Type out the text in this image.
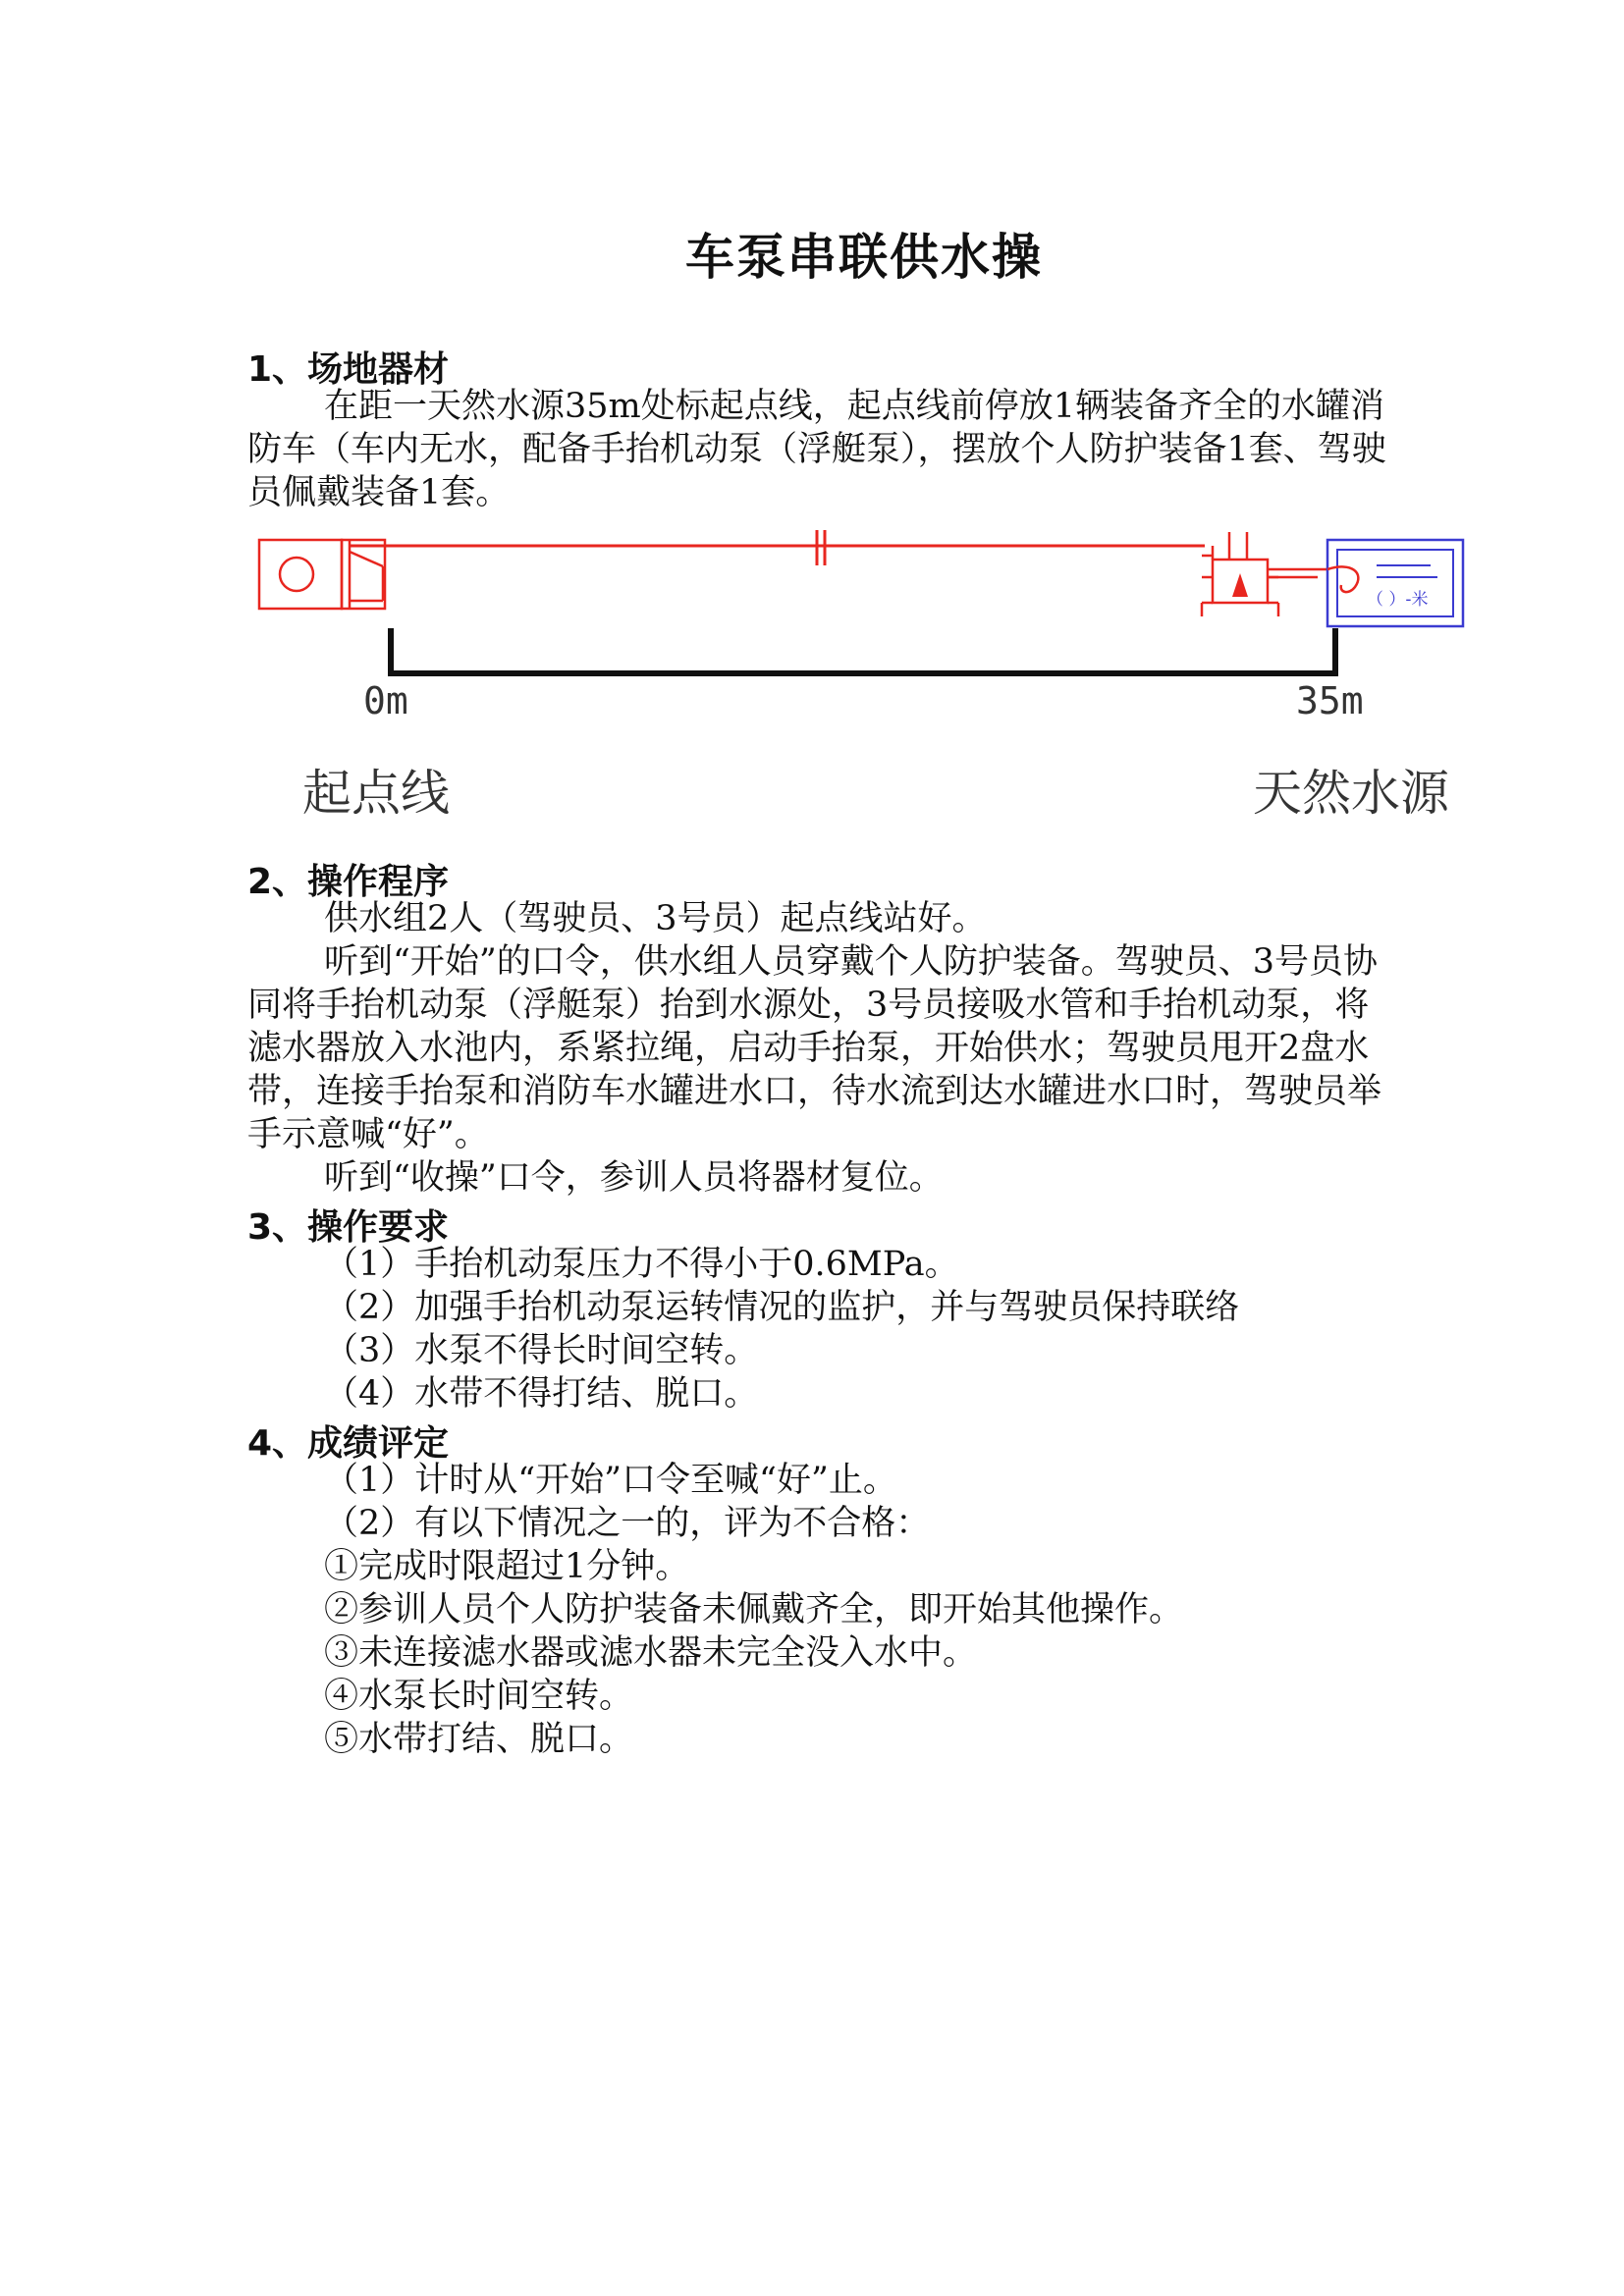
车泵串联供水操
1、场地器材
在距一天然水源35m处标起点线，起点线前停放1辆装备齐全的水罐消防车（车内无水，配备手抬机动泵（浮艇泵），摆放个人防护装备1套、驾驶员佩戴装备1套。
（ ）-米
0m	35m
起点线	天然水源
2、操作程序
供水组2人（驾驶员、3号员）起点线站好。
听到“开始”的口令，供水组人员穿戴个人防护装备。驾驶员、3号员协同将手抬机动泵（浮艇泵）抬到水源处，3号员接吸水管和手抬机动泵，将滤水器放入水池内，系紧拉绳，启动手抬泵，开始供水；驾驶员甩开2盘水带，连接手抬泵和消防车水罐进水口，待水流到达水罐进水口时，驾驶员举手示意喊“好”。
听到“收操”口令，参训人员将器材复位。
3、操作要求
（1）手抬机动泵压力不得小于0.6MPa。
（2）加强手抬机动泵运转情况的监护，并与驾驶员保持联络
（3）水泵不得长时间空转。
（4）水带不得打结、脱口。
4、成绩评定
（1）计时从“开始”口令至喊“好”止。
（2）有以下情况之一的，评为不合格：
①完成时限超过1分钟。
②参训人员个人防护装备未佩戴齐全，即开始其他操作。
③未连接滤水器或滤水器未完全没入水中。
④水泵长时间空转。
⑤水带打结、脱口。
